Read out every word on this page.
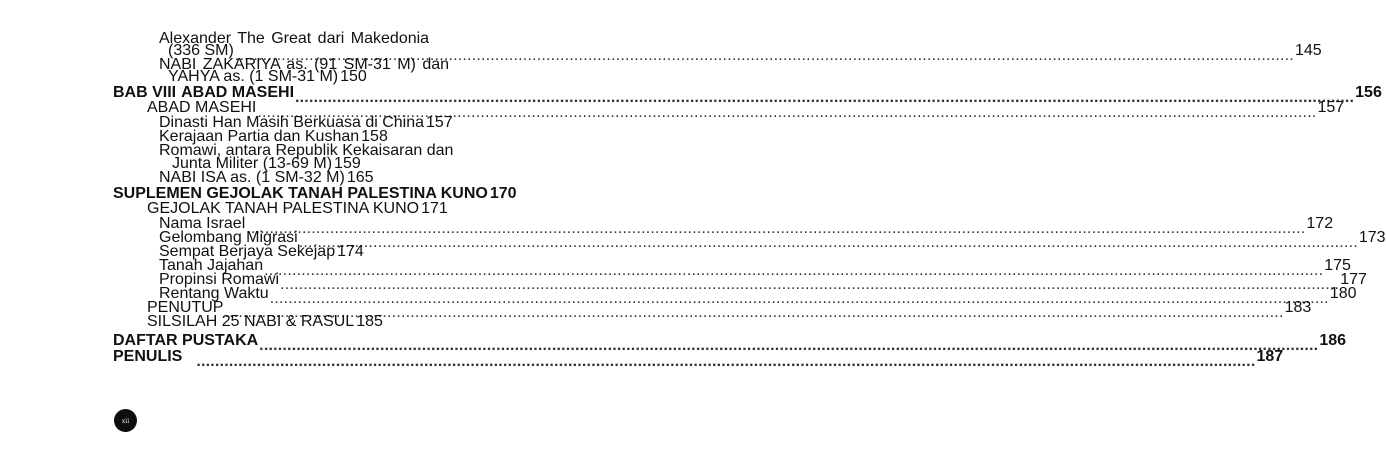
Alexander The Great dari Makedonia
(336 SM) .....	145
NABI ZAKARIYA as. (91 SM-31 M) dan
YAHYA as. (1 SM-31 M) 150
BAB VIII ABAD MASEHI .....	156
ABAD MASEHI .....	157
Dinasti Han Masih Berkuasa di China 157
Kerajaan Partia dan Kushan 158
Romawi, antara Republik Kekaisaran dan
Junta Militer (13-69 M) 159
NABI ISA as. (1 SM-32 M) 165
SUPLEMEN GEJOLAK TANAH PALESTINA KUNO 170
GEJOLAK TANAH PALESTINA KUNO 171
Nama Israel .....	172
Gelombang Migrasi .....	173
Sempat Berjaya Sekejap 174
Tanah Jajahan .....	175
Propinsi Romawi .....	177
Rentang Waktu .....	180
PENUTUP .....	183
SILSILAH 25 NABI & RASUL 185
DAFTAR PUSTAKA .....	186
PENULIS .....	187
xii
